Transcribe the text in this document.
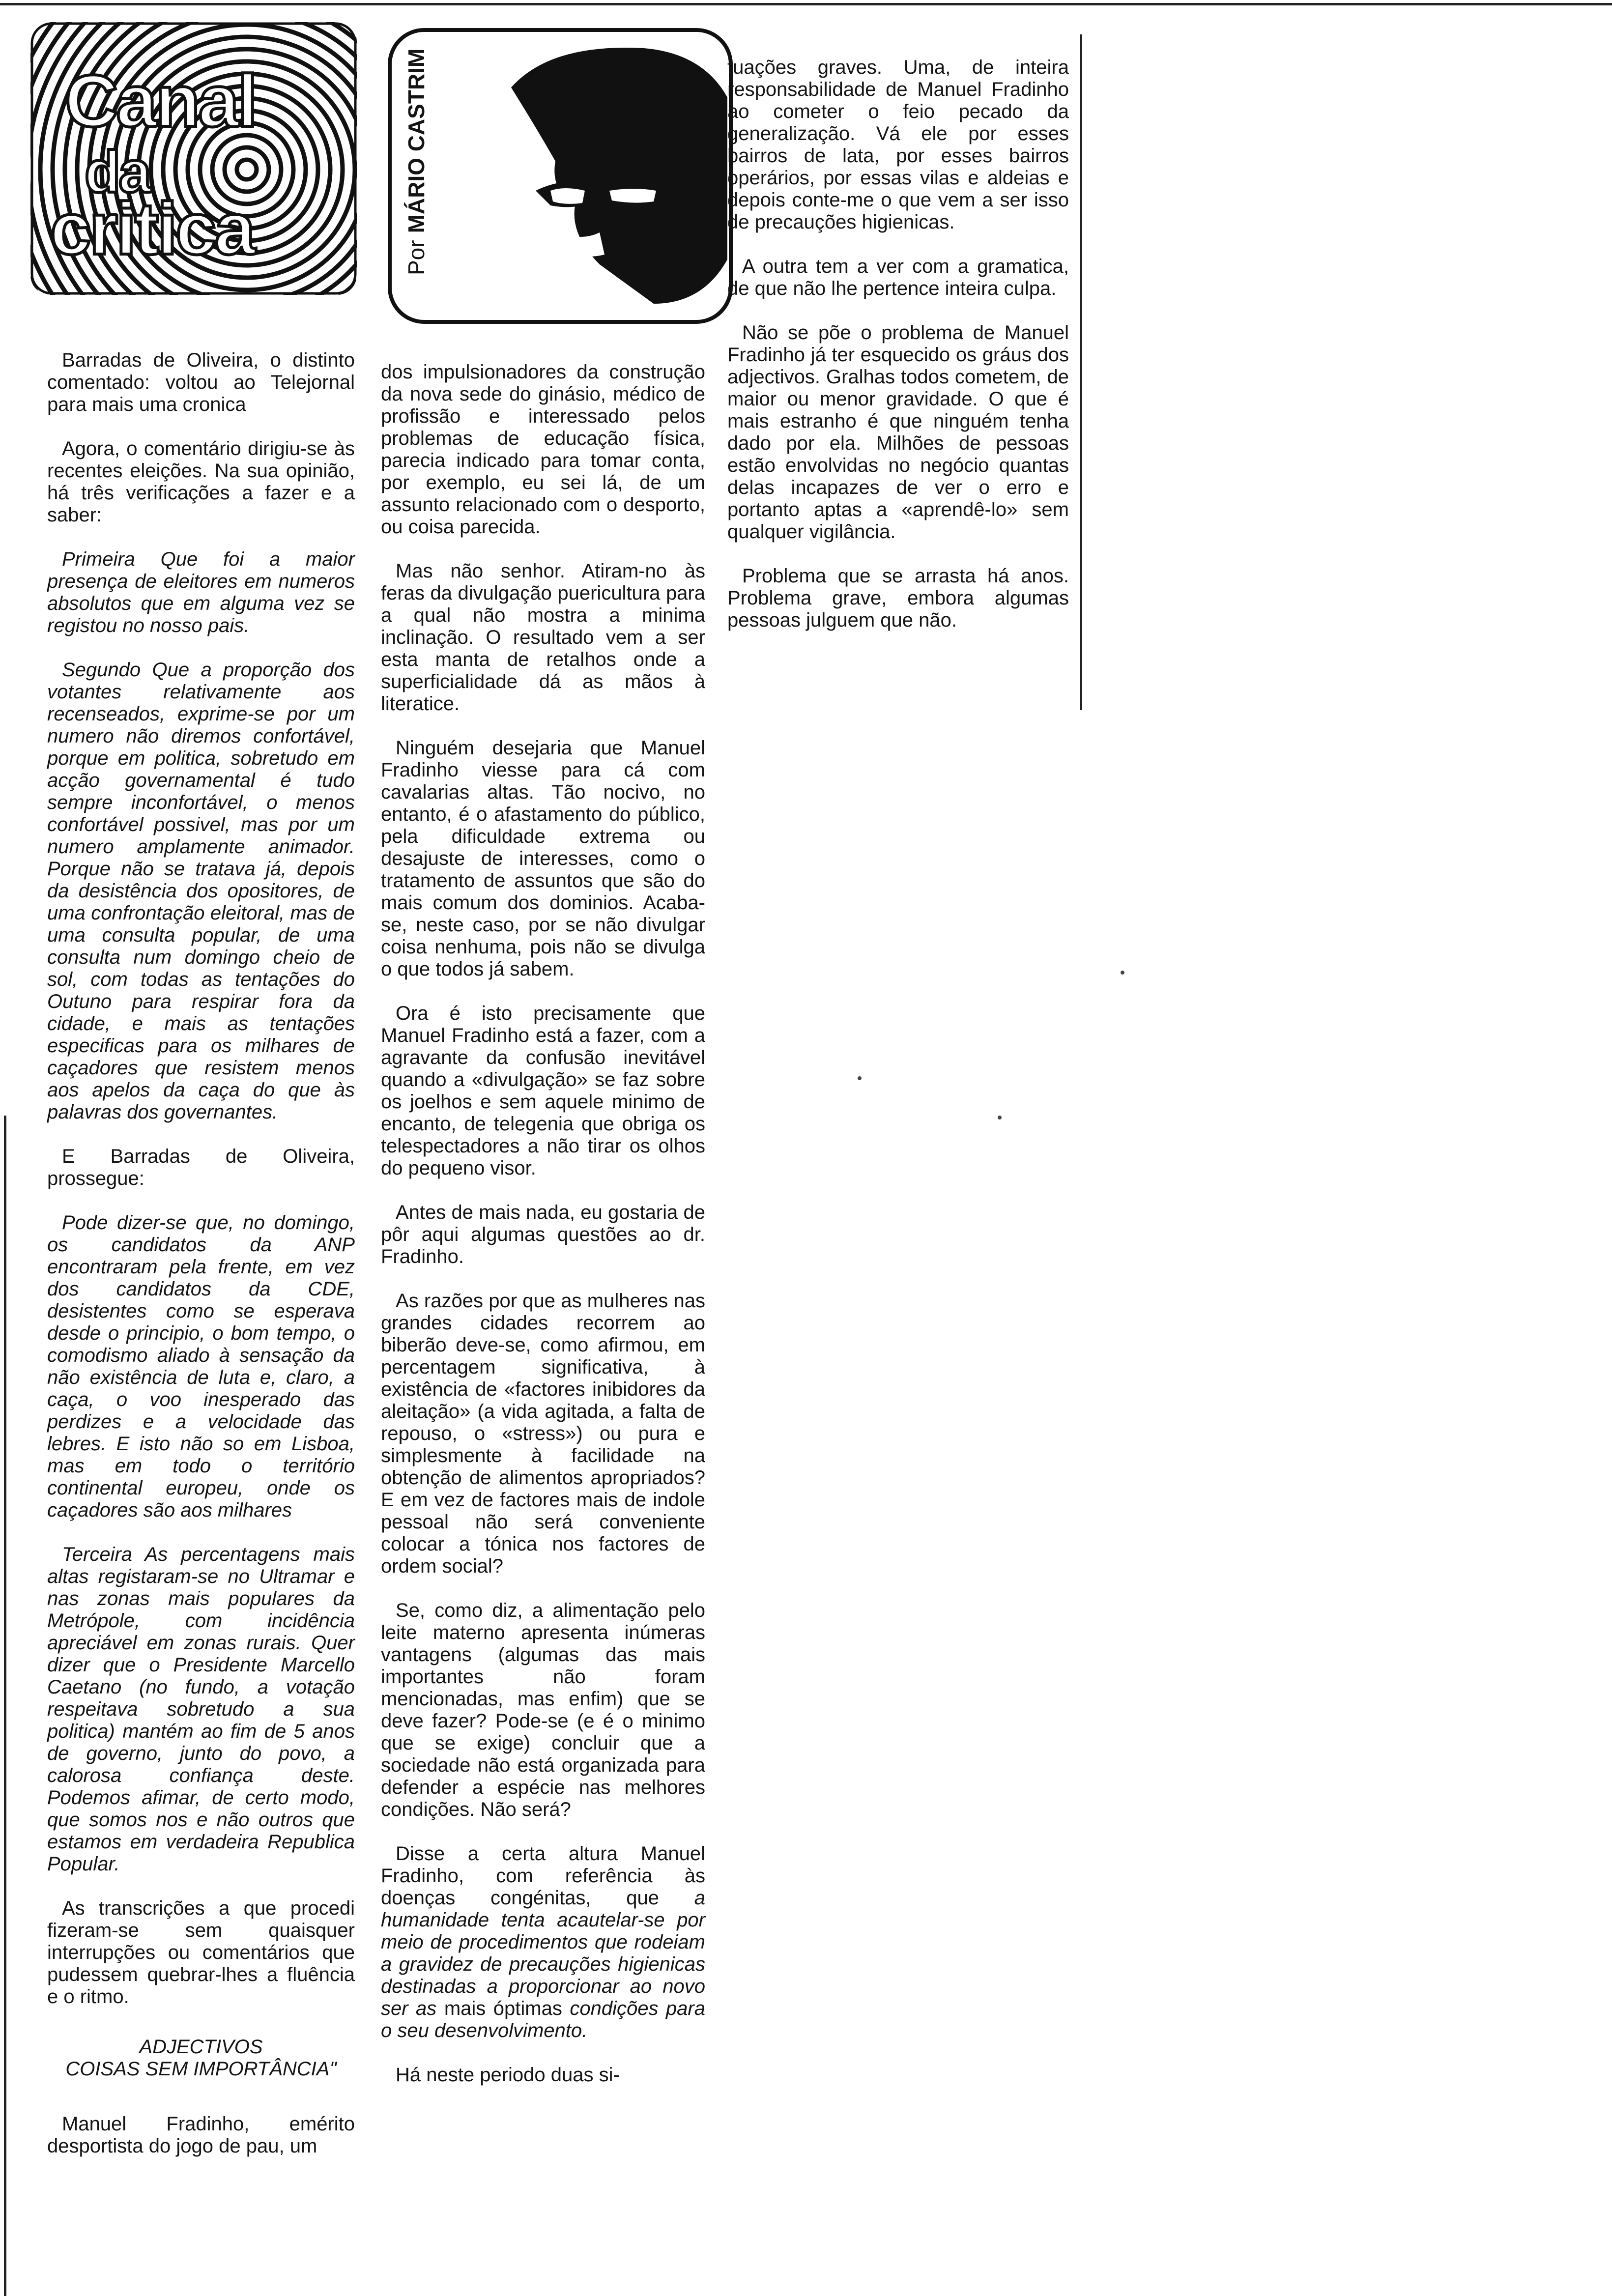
Canal
da
critica	PorMÁRIO CASTRIM

Barradas de Oliveira, o distinto comentado: voltou ao Telejornal para mais uma cronica

Agora, o comentário dirigiu-se às recentes eleições. Na sua opinião, há três verificações a fazer e a saber:

Primeira Que foi a maior presença de eleitores em numeros absolutos que em alguma vez se registou no nosso pais.

Segundo Que a proporção dos votantes relativamente aos recenseados, exprime-se por um numero não diremos confortável, porque em politica, sobretudo em acção governamental é tudo sempre inconfortável, o menos confortável possivel, mas por um numero amplamente animador. Porque não se tratava já, depois da desistência dos opositores, de uma confrontação eleitoral, mas de uma consulta popular, de uma consulta num domingo cheio de sol, com todas as tentações do Outuno para respirar fora da cidade, e mais as tentações especificas para os milhares de caçadores que resistem menos aos apelos da caça do que às palavras dos governantes.

E Barradas de Oliveira, prossegue:

Pode dizer-se que, no domingo, os candidatos da ANP encontraram pela frente, em vez dos candidatos da CDE, desistentes como se esperava desde o principio, o bom tempo, o comodismo aliado à sensação da não existência de luta e, claro, a caça, o voo inesperado das perdizes e a velocidade das lebres. E isto não so em Lisboa, mas em todo o território continental europeu, onde os caçadores são aos milhares

Terceira As percentagens mais altas registaram-se no Ultramar e nas zonas mais populares da Metrópole, com incidência apreciável em zonas rurais. Quer dizer que o Presidente Marcello Caetano (no fundo, a votação respeitava sobretudo a sua politica) mantém ao fim de 5 anos de governo, junto do povo, a calorosa confiança deste. Podemos afimar, de certo modo, que somos nos e não outros que estamos em verdadeira Republica Popular.

As transcrições a que procedi fizeram-se sem quaisquer interrupções ou comentários que pudessem quebrar-lhes a fluência e o ritmo.

ADJECTIVOS
COISAS SEM IMPORTÂNCIA"

Manuel Fradinho, emérito desportista do jogo de pau, um

dos impulsionadores da construção da nova sede do ginásio, médico de profissão e interessado pelos problemas de educação física, parecia indicado para tomar conta, por exemplo, eu sei lá, de um assunto relacionado com o desporto, ou coisa parecida.

Mas não senhor. Atiram-no às feras da divulgação puericultura para a qual não mostra a minima inclinação. O resultado vem a ser esta manta de retalhos onde a superficialidade dá as mãos à literatice.

Ninguém desejaria que Manuel Fradinho viesse para cá com cavalarias altas. Tão nocivo, no entanto, é o afastamento do público, pela dificuldade extrema ou desajuste de interesses, como o tratamento de assuntos que são do mais comum dos dominios. Acaba-se, neste caso, por se não divulgar coisa nenhuma, pois não se divulga o que todos já sabem.

Ora é isto precisamente que Manuel Fradinho está a fazer, com a agravante da confusão inevitável quando a «divulgação» se faz sobre os joelhos e sem aquele minimo de encanto, de telegenia que obriga os telespectadores a não tirar os olhos do pequeno visor.

Antes de mais nada, eu gostaria de pôr aqui algumas questões ao dr. Fradinho.

As razões por que as mulheres nas grandes cidades recorrem ao biberão deve-se, como afirmou, em percentagem significativa, à existência de «factores inibidores da aleitação» (a vida agitada, a falta de repouso, o «stress») ou pura e simplesmente à facilidade na obtenção de alimentos apropriados? E em vez de factores mais de indole pessoal não será conveniente colocar a tónica nos factores de ordem social?

Se, como diz, a alimentação pelo leite materno apresenta inúmeras vantagens (algumas das mais importantes não foram mencionadas, mas enfim) que se deve fazer? Pode-se (e é o minimo que se exige) concluir que a sociedade não está organizada para defender a espécie nas melhores condições. Não será?

Disse a certa altura Manuel Fradinho, com referência às doenças congénitas, que a humanidade tenta acautelar-se por meio de procedimentos que rodeiam a gravidez de precauções higienicas destinadas a proporcionar ao novo ser as mais óptimas condições para o seu desenvolvimento.

Há neste periodo duas si-

tuações graves. Uma, de inteira responsabilidade de Manuel Fradinho ao cometer o feio pecado da generalização. Vá ele por esses bairros de lata, por esses bairros operários, por essas vilas e aldeias e depois conte-me o que vem a ser isso de precauções higienicas.

A outra tem a ver com a gramatica, de que não lhe pertence inteira culpa.

Não se põe o problema de Manuel Fradinho já ter esquecido os gráus dos adjectivos. Gralhas todos cometem, de maior ou menor gravidade. O que é mais estranho é que ninguém tenha dado por ela. Milhões de pessoas estão envolvidas no negócio quantas delas incapazes de ver o erro e portanto aptas a «aprendê-lo» sem qualquer vigilância.

Problema que se arrasta há anos. Problema grave, embora algumas pessoas julguem que não.
